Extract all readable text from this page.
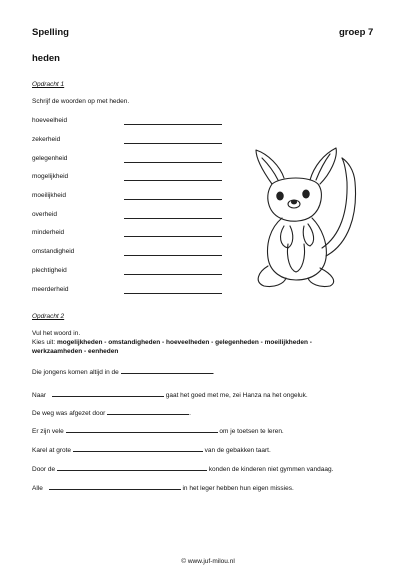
Spelling	groep 7
heden
Opdracht 1
Schrijf de woorden op met heden.
hoeveelheid
zekerheid
gelegenheid
mogelijkheid
moeilijkheid
overheid
minderheid
omstandigheid
plechtigheid
meerderheid
Opdracht 2
Vul het woord in.
Kies uit: mogelijkheden - omstandigheden - hoeveelheden - gelegenheden - moeilijkheden -
werkzaamheden - eenheden
Die jongens komen altijd in de	.
Naar	gaat het goed met me, zei Hanza na het ongeluk.
De weg was afgezet door	.
Er zijn vele	om je toetsen te leren.
Karel at grote	van de gebakken taart.
Door de	konden de kinderen niet gymmen vandaag.
Alle	in het leger hebben hun eigen missies.
© www.juf-milou.nl
